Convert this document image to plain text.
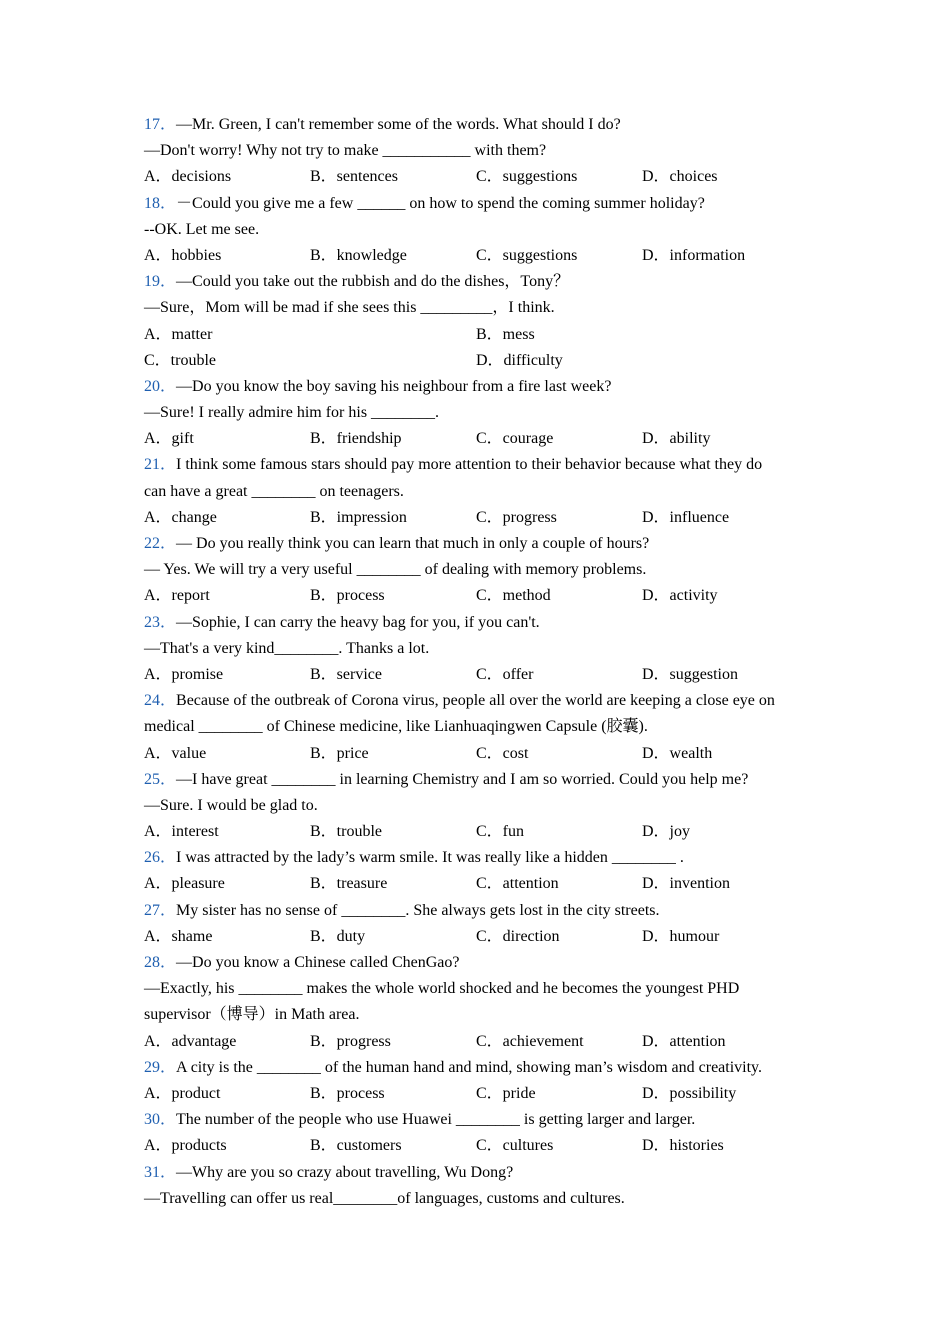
17．—Mr. Green, I can't remember some of the words. What should I do?
—Don't worry! Why not try to make ___________ with them?
A．decisions	B．sentences	C．suggestions	D．choices
18．－Could you give me a few ______ on how to spend the coming summer holiday?
--OK. Let me see.
A．hobbies	B．knowledge	C．suggestions	D．information
19．—Could you take out the rubbish and do the dishes，Tony？
—Sure，Mom will be mad if she sees this _________，I think.
A．matter	B．mess
C．trouble	D．difficulty
20．—Do you know the boy saving his neighbour from a fire last week?
—Sure! I really admire him for his ________.
A．gift	B．friendship	C．courage	D．ability
21．I think some famous stars should pay more attention to their behavior because what they do
can have a great ________ on teenagers.
A．change	B．impression	C．progress	D．influence
22．— Do you really think you can learn that much in only a couple of hours?
— Yes. We will try a very useful ________ of dealing with memory problems.
A．report	B．process	C．method	D．activity
23．—Sophie, I can carry the heavy bag for you, if you can't.
—That's a very kind________. Thanks a lot.
A．promise	B．service	C．offer	D．suggestion
24．Because of the outbreak of Corona virus, people all over the world are keeping a close eye on
medical ________ of Chinese medicine, like Lianhuaqingwen Capsule (胶囊).
A．value	B．price	C．cost	D．wealth
25．—I have great ________ in learning Chemistry and I am so worried. Could you help me?
—Sure. I would be glad to.
A．interest	B．trouble	C．fun	D．joy
26．I was attracted by the lady’s warm smile. It was really like a hidden ________ .
A．pleasure	B．treasure	C．attention	D．invention
27．My sister has no sense of ________. She always gets lost in the city streets.
A．shame	B．duty	C．direction	D．humour
28．—Do you know a Chinese called ChenGao?
—Exactly, his ________ makes the whole world shocked and he becomes the youngest PHD
supervisor（博导）in Math area.
A．advantage	B．progress	C．achievement	D．attention
29．A city is the ________ of the human hand and mind, showing man’s wisdom and creativity.
A．product	B．process	C．pride	D．possibility
30．The number of the people who use Huawei ________ is getting larger and larger.
A．products	B．customers	C．cultures	D．histories
31．—Why are you so crazy about travelling, Wu Dong?
—Travelling can offer us real________of languages, customs and cultures.
